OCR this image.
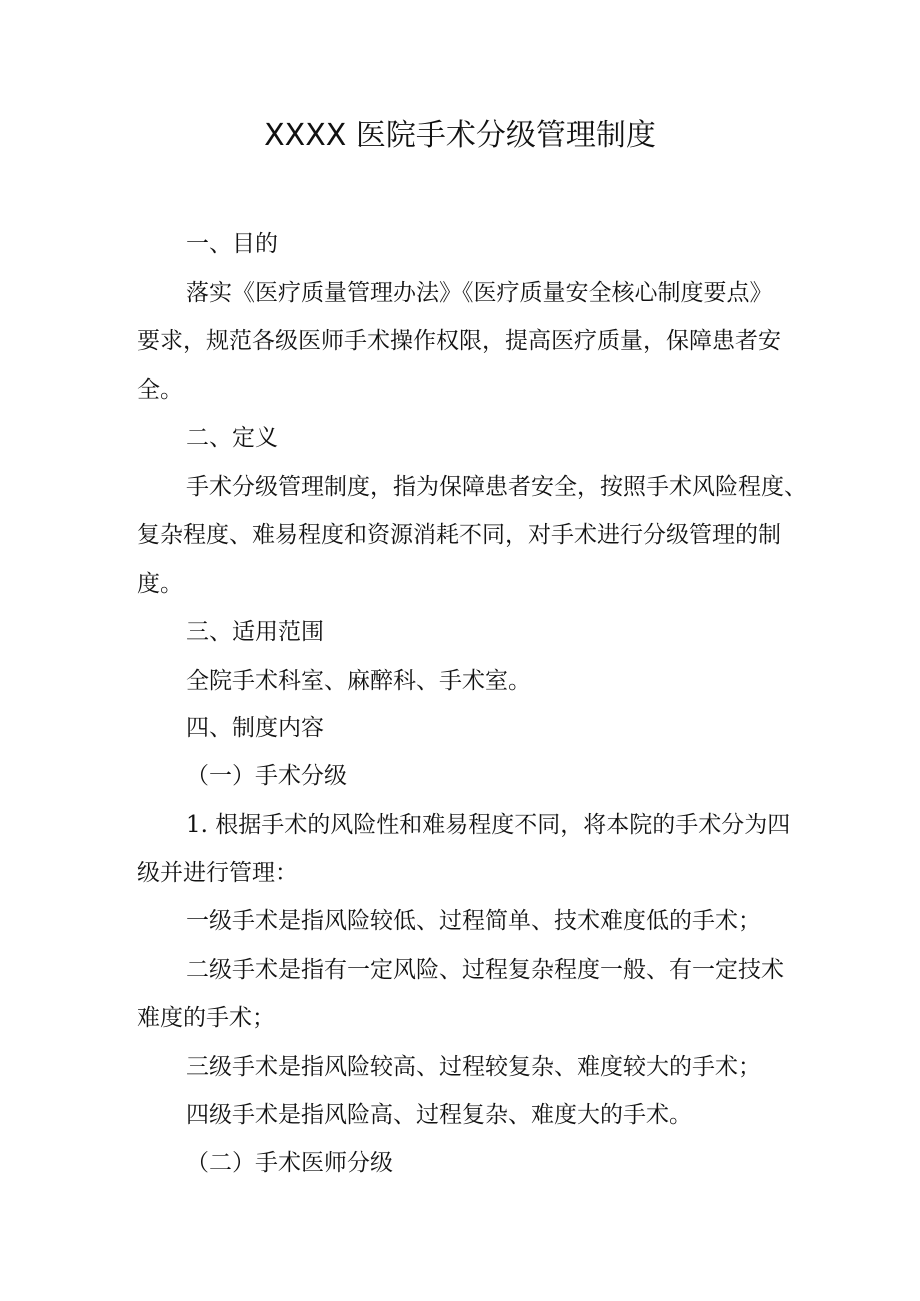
XXXX 医院手术分级管理制度
一、目的
落实《医疗质量管理办法》《医疗质量安全核心制度要点》
要求，规范各级医师手术操作权限，提高医疗质量，保障患者安
全。
二、定义
手术分级管理制度，指为保障患者安全，按照手术风险程度、
复杂程度、难易程度和资源消耗不同，对手术进行分级管理的制
度。
三、适用范围
全院手术科室、麻醉科、手术室。
四、制度内容
（一）手术分级
1. 根据手术的风险性和难易程度不同，将本院的手术分为四
级并进行管理：
一级手术是指风险较低、过程简单、技术难度低的手术；
二级手术是指有一定风险、过程复杂程度一般、有一定技术
难度的手术；
三级手术是指风险较高、过程较复杂、难度较大的手术；
四级手术是指风险高、过程复杂、难度大的手术。
（二）手术医师分级
